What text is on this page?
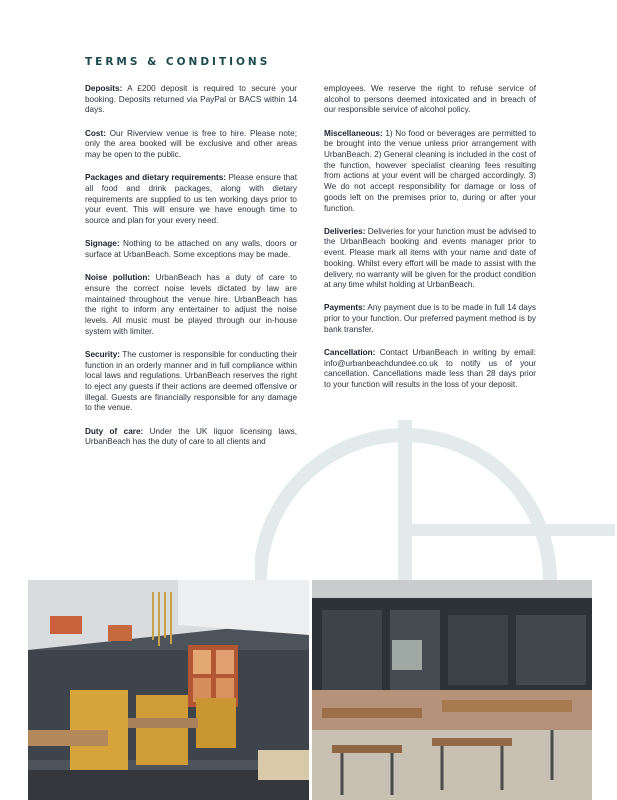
TERMS & CONDITIONS

Deposits: A £200 deposit is required to secure your booking. Deposits returned via PayPal or BACS within 14 days.

Cost: Our Riverview venue is free to hire. Please note; only the area booked will be exclusive and other areas may be open to the public.

Packages and dietary requirements: Please ensure that all food and drink packages, along with dietary requirements are supplied to us ten working days prior to your event. This will ensure we have enough time to source and plan for your every need.

Signage: Nothing to be attached on any walls, doors or surface at UrbanBeach. Some exceptions may be made.

Noise pollution: UrbanBeach has a duty of care to ensure the correct noise levels dictated by law are maintained throughout the venue hire. UrbanBeach has the right to inform any entertainer to adjust the noise levels. All music must be played through our in-house system with limiter.

Security: The customer is responsible for conducting their function in an orderly manner and in full compliance within local laws and regulations. UrbanBeach reserves the right to eject any guests if their actions are deemed offensive or illegal. Guests are financially responsible for any damage to the venue.

Duty of care: Under the UK liquor licensing laws, UrbanBeach has the duty of care to all clients and

employees. We reserve the right to refuse service of alcohol to persons deemed intoxicated and in breach of our responsible service of alcohol policy.

Miscellaneous: 1) No food or beverages are permitted to be brought into the venue unless prior arrangement with UrbanBeach. 2) General cleaning is included in the cost of the function, however specialist cleaning fees resulting from actions at your event will be charged accordingly. 3) We do not accept responsibility for damage or loss of goods left on the premises prior to, during or after your function.

Deliveries: Deliveries for your function must be advised to the UrbanBeach booking and events manager prior to event. Please mark all items with your name and date of booking. Whilst every effort will be made to assist with the delivery, no warranty will be given for the product condition at any time whilst holding at UrbanBeach.

Payments: Any payment due is to be made in full 14 days prior to your function. Our preferred payment method is by bank transfer.

Cancellation: Contact UrbanBeach in writing by email: info@urbanbeachdundee.co.uk to notify us of your cancellation. Cancellations made less than 28 days prior to your function will results in the loss of your deposit.
